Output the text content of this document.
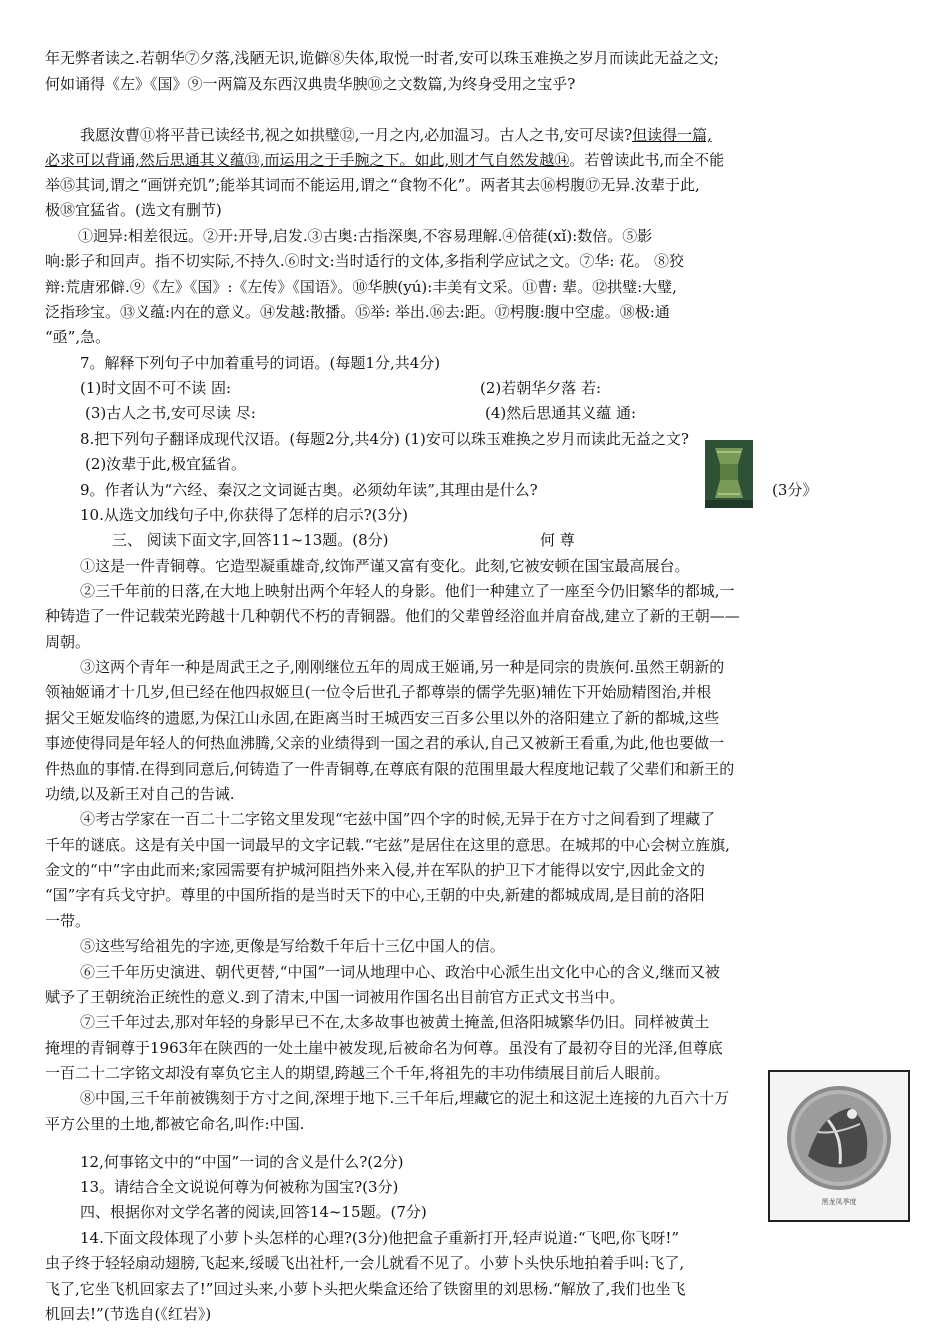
年无弊者读之.若朝华⑦夕落,浅陋无识,诡僻⑧失体,取悦一时者,安可以珠玉难换之岁月而读此无益之文;
何如诵得《左》《国》⑨一两篇及东西汉典贵华腴⑩之文数篇,为终身受用之宝乎?
我愿汝曹⑪将平昔已读经书,视之如拱璧⑫,一月之内,必加温习。古人之书,安可尽读?但读得一篇,
必求可以背诵,然后思通其义蕴⑬,而运用之于手腕之下。如此,则才气自然发越⑭。若曾读此书,而全不能
举⑮其词,谓之“画饼充饥”;能举其词而不能运用,谓之“食物不化”。两者其去⑯枵腹⑰无异.汝辈于此,
极⑱宜猛省。(选文有删节)
①迥异:相差很远。②开:开导,启发.③古奥:古指深奥,不容易理解.④倍蓰(xǐ):数倍。⑤影
响:影子和回声。指不切实际,不持久.⑥时文:当时适行的文体,多指利学应试之文。⑦华: 花。 ⑧狡
辩:荒唐邪僻.⑨《左》《国》:《左传》《国语》。⑩华腴(yú):丰美有文采。⑪曹: 辈。⑫拱璧:大璧,
泛指珍宝。⑬义蕴:内在的意义。⑭发越:散播。⑮举: 举出.⑯去:距。⑰枵腹:腹中空虚。⑱极:通
“亟”,急。
7。解释下列句子中加着重号的词语。(每题1分,共4分)
(1)时文固不可不读 固:	(2)若朝华夕落 若:
(3)古人之书,安可尽读 尽:	(4)然后思通其义蕴 通:
8.把下列句子翻译成现代汉语。(每题2分,共4分) (1)安可以珠玉难换之岁月而读此无益之文?
(2)汝辈于此,极宜猛省。
9。作者认为“六经、秦汉之文词诞古奥。必须幼年读”,其理由是什么?	(3分》
10.从选文加线句子中,你获得了怎样的启示?(3分)
三、 阅读下面文字,回答11~13题。(8分)	何 尊
①这是一件青铜尊。它造型凝重雄奇,纹饰严谨又富有变化。此刻,它被安顿在国宝最高展台。
②三千年前的日落,在大地上映射出两个年轻人的身影。他们一种建立了一座至今仍旧繁华的都城,一
种铸造了一件记载荣光跨越十几种朝代不朽的青铜器。他们的父辈曾经浴血并肩奋战,建立了新的王朝——
周朝。
③这两个青年一种是周武王之子,刚刚继位五年的周成王姬诵,另一种是同宗的贵族何.虽然王朝新的
领袖姬诵才十几岁,但已经在他四叔姬旦(一位令后世孔子都尊崇的儒学先驱)辅佐下开始励精图治,并根
据父王姬发临终的遗愿,为保江山永固,在距离当时王城西安三百多公里以外的洛阳建立了新的都城,这些
事迹使得同是年轻人的何热血沸腾,父亲的业绩得到一国之君的承认,自己又被新王看重,为此,他也要做一
件热血的事情.在得到同意后,何铸造了一件青铜尊,在尊底有限的范围里最大程度地记载了父辈们和新王的
功绩,以及新王对自己的告诫.
④考古学家在一百二十二字铭文里发现“宅兹中国”四个字的时候,无异于在方寸之间看到了埋藏了
千年的谜底。这是有关中国一词最早的文字记载.“宅兹”是居住在这里的意思。在城邦的中心会树立旌旗,
金文的“中”字由此而来;家园需要有护城河阻挡外来入侵,并在军队的护卫下才能得以安宁,因此金文的
“国”字有兵戈守护。尊里的中国所指的是当时天下的中心,王朝的中央,新建的都城成周,是目前的洛阳
一带。
⑤这些写给祖先的字迹,更像是写给数千年后十三亿中国人的信。
⑥三千年历史演进、朝代更替,“中国”一词从地理中心、政治中心派生出文化中心的含义,继而又被
赋予了王朝统治正统性的意义.到了清末,中国一词被用作国名出目前官方正式文书当中。
⑦三千年过去,那对年轻的身影早已不在,太多故事也被黄土掩盖,但洛阳城繁华仍旧。同样被黄土
掩埋的青铜尊于1963年在陕西的一处土崖中被发现,后被命名为何尊。虽没有了最初夺目的光泽,但尊底
一百二十二字铭文却没有辜负它主人的期望,跨越三个千年,将祖先的丰功伟绩展目前后人眼前。
⑧中国,三千年前被镌刻于方寸之间,深埋于地下.三千年后,埋藏它的泥土和这泥土连接的九百六十万
平方公里的土地,都被它命名,叫作:中国.
黑龙凤季度
12,何事铭文中的“中国”一词的含义是什么?(2分)
13。请结合全文说说何尊为何被称为国宝?(3分)
四、根据你对文学名著的阅读,回答14~15题。(7分)
14.下面文段体现了小萝卜头怎样的心理?(3分)他把盒子重新打开,轻声说道:“飞吧,你飞呀!”
虫子终于轻轻扇动翅膀,飞起来,绥暖飞出社杆,一会儿就看不见了。小萝卜头快乐地拍着手叫:飞了,
飞了,它坐飞机回家去了!”回过头来,小萝卜头把火柴盒还给了铁窗里的刘思杨.“解放了,我们也坐飞
机回去!”(节选自(《红岩》)
